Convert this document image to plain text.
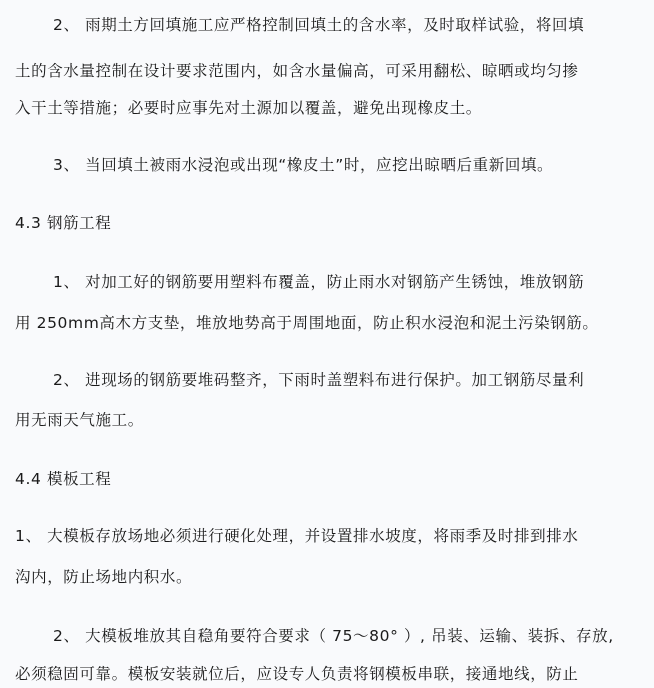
2、 雨期土方回填施工应严格控制回填土的含水率，及时取样试验，将回填
土的含水量控制在设计要求范围内，如含水量偏高，可采用翻松、晾晒或均匀掺
入干土等措施；必要时应事先对土源加以覆盖，避免出现橡皮土。
3、 当回填土被雨水浸泡或出现“橡皮土”时，应挖出晾晒后重新回填。
4.3 钢筋工程
1、 对加工好的钢筋要用塑料布覆盖，防止雨水对钢筋产生锈蚀，堆放钢筋
用 250mm高木方支垫，堆放地势高于周围地面，防止积水浸泡和泥土污染钢筋。
2、 进现场的钢筋要堆码整齐，下雨时盖塑料布进行保护。加工钢筋尽量利
用无雨天气施工。
4.4 模板工程
1、 大模板存放场地必须进行硬化处理，并设置排水坡度，将雨季及时排到排水
沟内，防止场地内积水。
2、 大模板堆放其自稳角要符合要求（ 75～80° ）, 吊装、运输、装拆、存放,
必须稳固可靠。模板安装就位后，应设专人负责将钢模板串联，接通地线，防止
